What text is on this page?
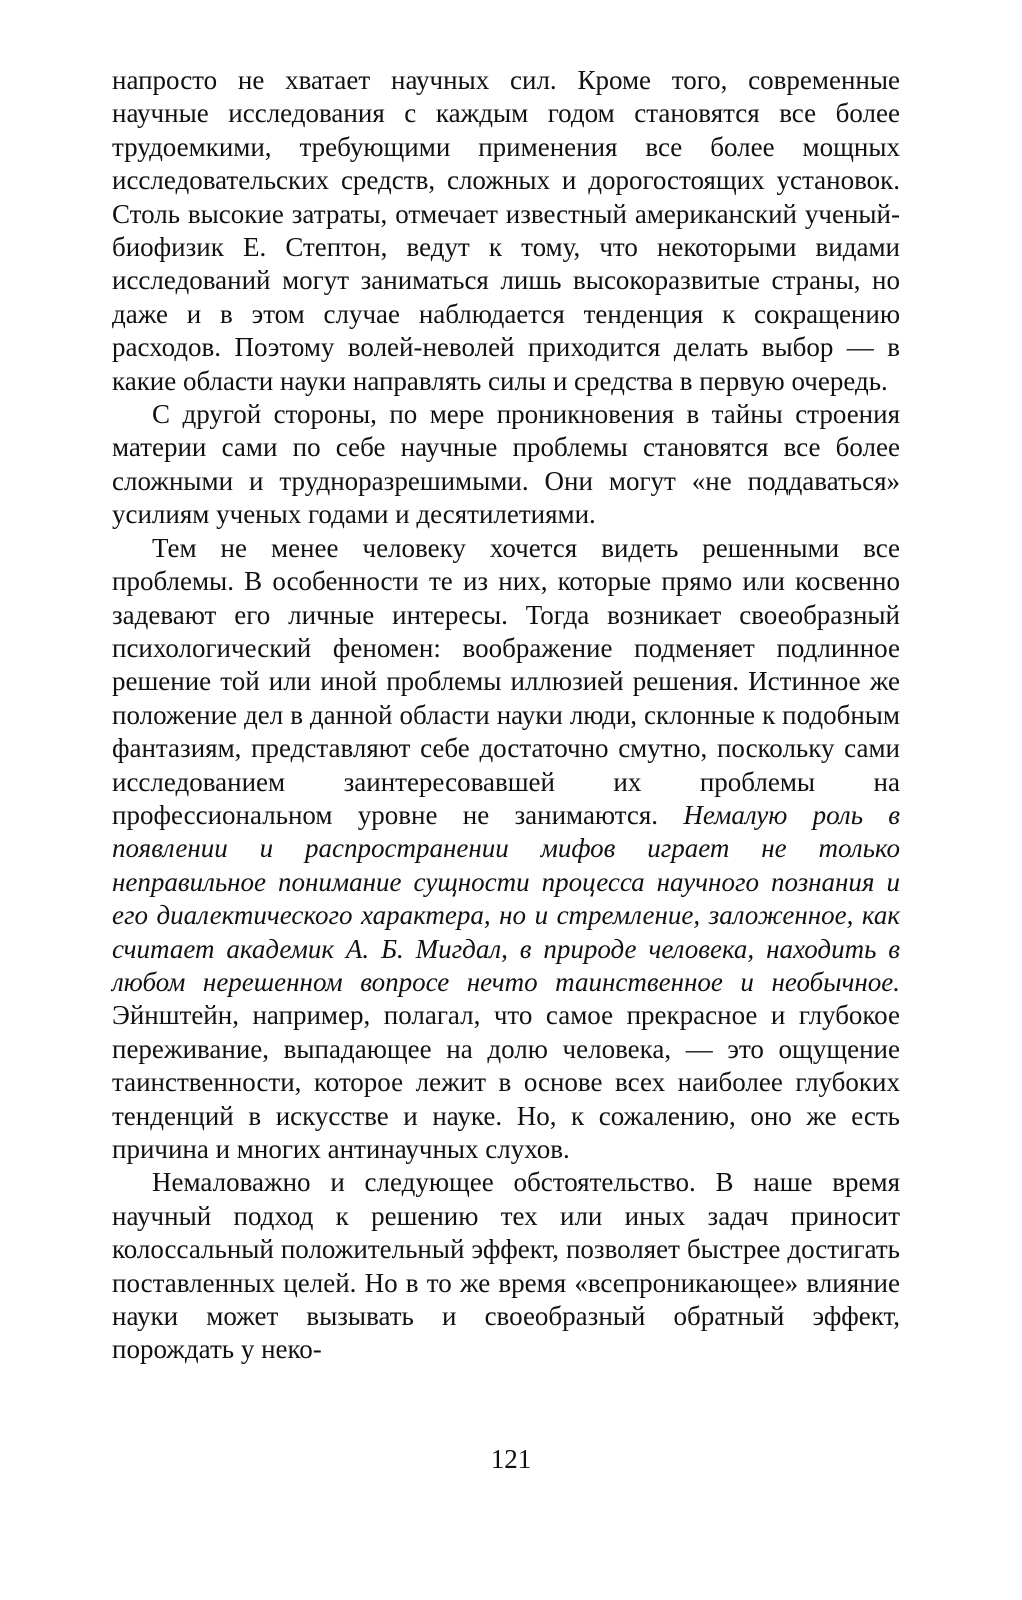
напросто не хватает научных сил. Кроме того, современные научные исследования с каждым годом становятся все более трудоемкими, требующими применения все более мощных исследовательских средств, сложных и дорогостоящих установок. Столь высокие затраты, отмечает известный американский ученый-биофизик Е. Стептон, ведут к тому, что некоторыми видами исследований могут заниматься лишь высокоразвитые страны, но даже и в этом случае наблюдается тенденция к сокращению расходов. Поэтому волей-неволей приходится делать выбор — в какие области науки направлять силы и средства в первую очередь.

С другой стороны, по мере проникновения в тайны строения материи сами по себе научные проблемы становятся все более сложными и трудноразрешимыми. Они могут «не поддаваться» усилиям ученых годами и десятилетиями.

Тем не менее человеку хочется видеть решенными все проблемы. В особенности те из них, которые прямо или косвенно задевают его личные интересы. Тогда возникает своеобразный психологический феномен: воображение подменяет подлинное решение той или иной проблемы иллюзией решения. Истинное же положение дел в данной области науки люди, склонные к подобным фантазиям, представляют себе достаточно смутно, поскольку сами исследованием заинтересовавшей их проблемы на профессиональном уровне не занимаются. Немалую роль в появлении и распространении мифов играет не только неправильное понимание сущности процесса научного познания и его диалектического характера, но и стремление, заложенное, как считает академик А. Б. Мигдал, в природе человека, находить в любом нерешенном вопросе нечто таинственное и необычное. Эйнштейн, например, полагал, что самое прекрасное и глубокое переживание, выпадающее на долю человека, — это ощущение таинственности, которое лежит в основе всех наиболее глубоких тенденций в искусстве и науке. Но, к сожалению, оно же есть причина и многих антинаучных слухов.

Немаловажно и следующее обстоятельство. В наше время научный подход к решению тех или иных задач приносит колоссальный положительный эффект, позволяет быстрее достигать поставленных целей. Но в то же время «всепроникающее» влияние науки может вызывать и своеобразный обратный эффект, порождать у неко-

121
